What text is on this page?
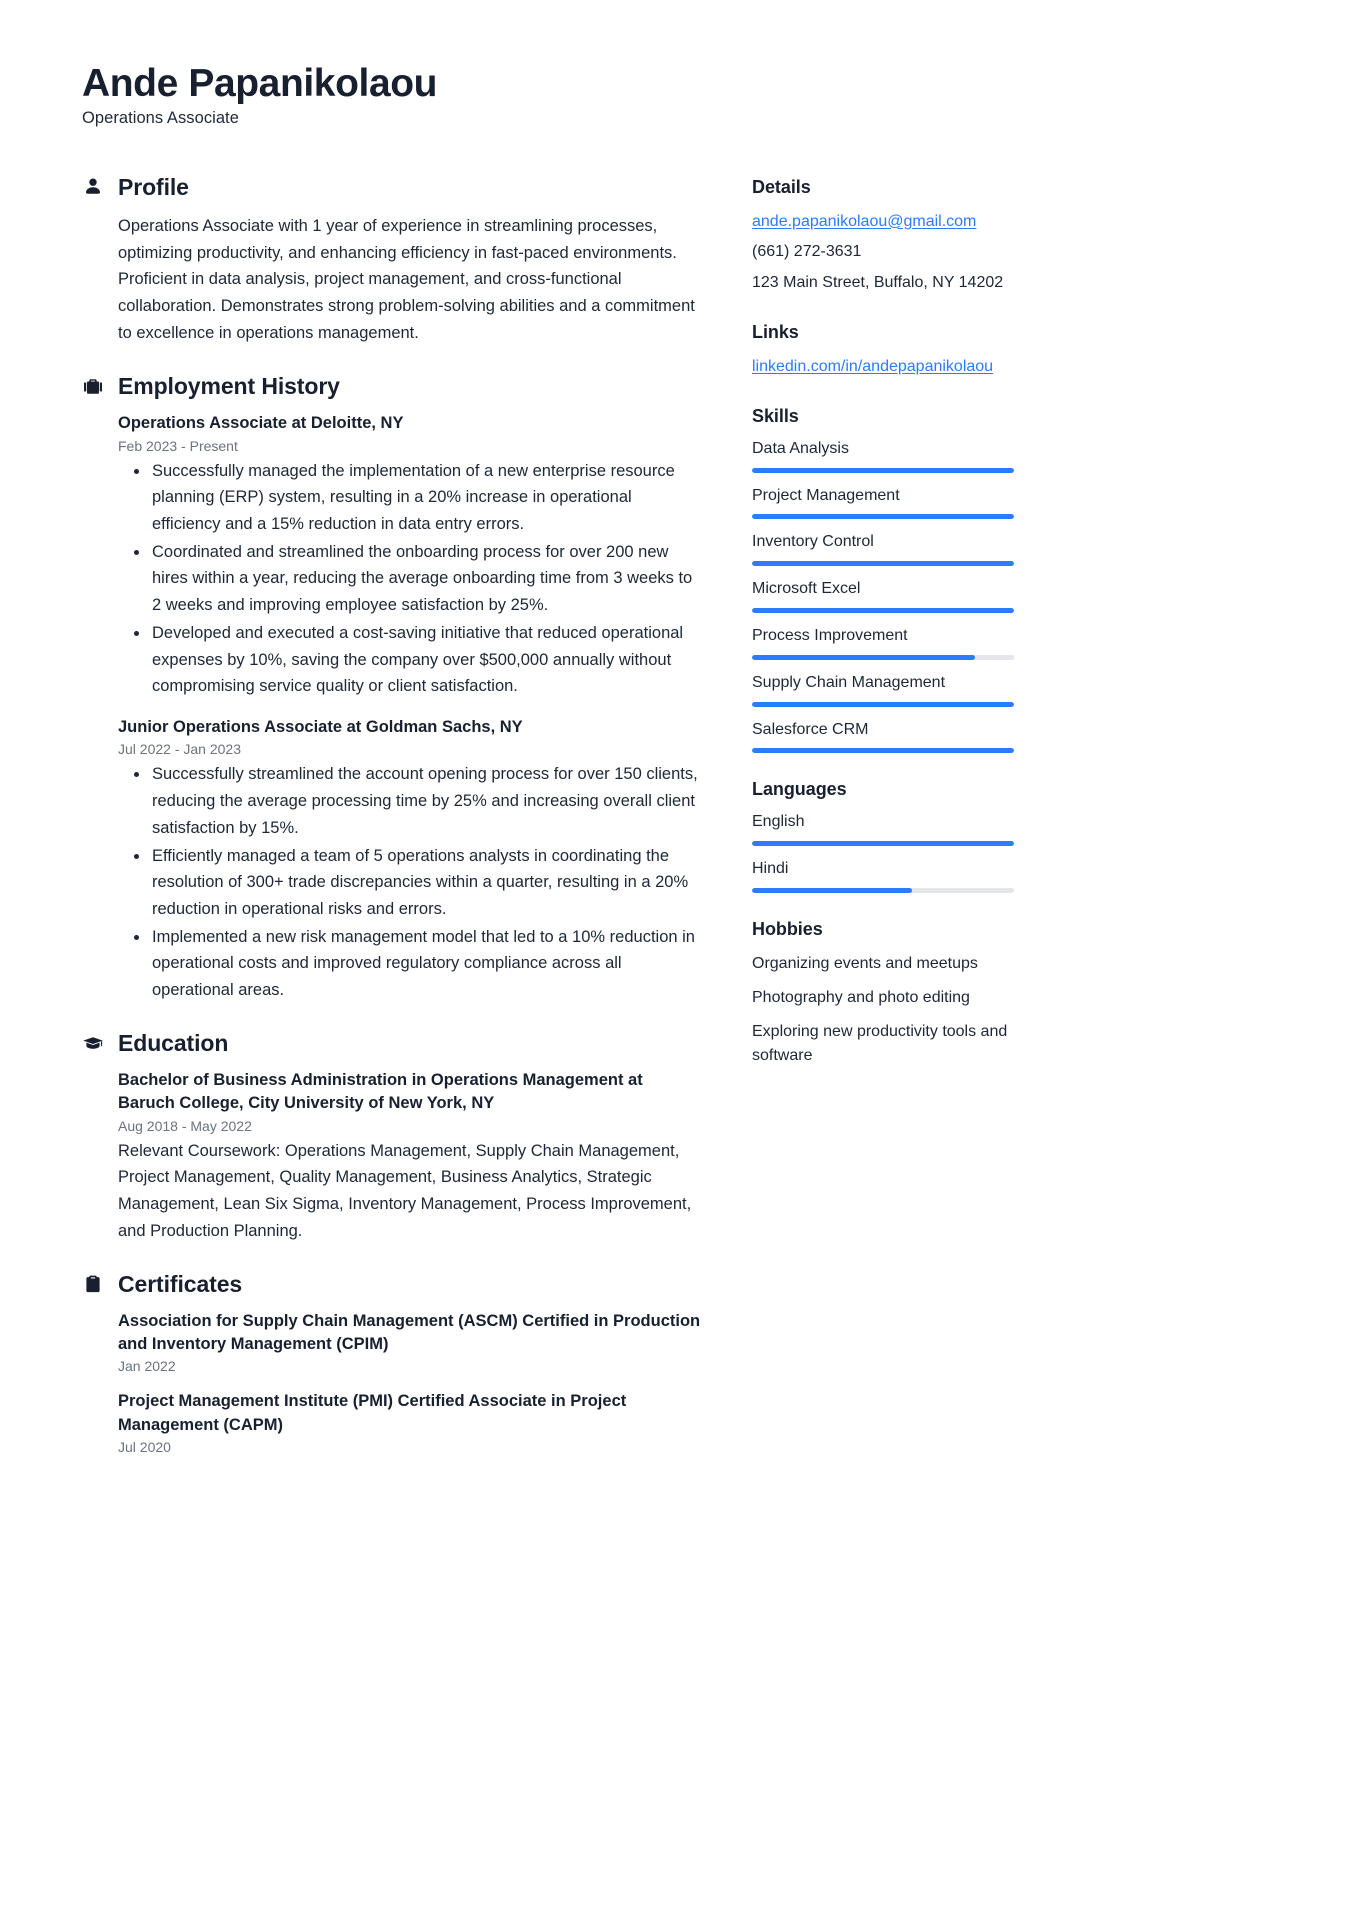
Ande Papanikolaou
Operations Associate
Profile

Operations Associate with 1 year of experience in streamlining processes, optimizing productivity, and enhancing efficiency in fast-paced environments. Proficient in data analysis, project management, and cross-functional collaboration. Demonstrates strong problem-solving abilities and a commitment to excellence in operations management.

Employment History
Operations Associate at Deloitte, NY
Feb 2023 - Present
Successfully managed the implementation of a new enterprise resource planning (ERP) system, resulting in a 20% increase in operational efficiency and a 15% reduction in data entry errors.
Coordinated and streamlined the onboarding process for over 200 new hires within a year, reducing the average onboarding time from 3 weeks to 2 weeks and improving employee satisfaction by 25%.
Developed and executed a cost-saving initiative that reduced operational expenses by 10%, saving the company over $500,000 annually without compromising service quality or client satisfaction.
Junior Operations Associate at Goldman Sachs, NY
Jul 2022 - Jan 2023
Successfully streamlined the account opening process for over 150 clients, reducing the average processing time by 25% and increasing overall client satisfaction by 15%.
Efficiently managed a team of 5 operations analysts in coordinating the resolution of 300+ trade discrepancies within a quarter, resulting in a 20% reduction in operational risks and errors.
Implemented a new risk management model that led to a 10% reduction in operational costs and improved regulatory compliance across all operational areas.
Education
Bachelor of Business Administration in Operations Management at Baruch College, City University of New York, NY
Aug 2018 - May 2022
Relevant Coursework: Operations Management, Supply Chain Management, Project Management, Quality Management, Business Analytics, Strategic Management, Lean Six Sigma, Inventory Management, Process Improvement, and Production Planning.
Certificates
Association for Supply Chain Management (ASCM) Certified in Production and Inventory Management (CPIM)
Jan 2022
Project Management Institute (PMI) Certified Associate in Project Management (CAPM)
Jul 2020
Details
ande.papanikolaou@gmail.com
(661) 272-3631
123 Main Street, Buffalo, NY 14202
Links
linkedin.com/in/andepapanikolaou
Skills
Data Analysis
Project Management
Inventory Control
Microsoft Excel
Process Improvement
Supply Chain Management
Salesforce CRM
Languages
English
Hindi
Hobbies
Organizing events and meetups
Photography and photo editing
Exploring new productivity tools and software
